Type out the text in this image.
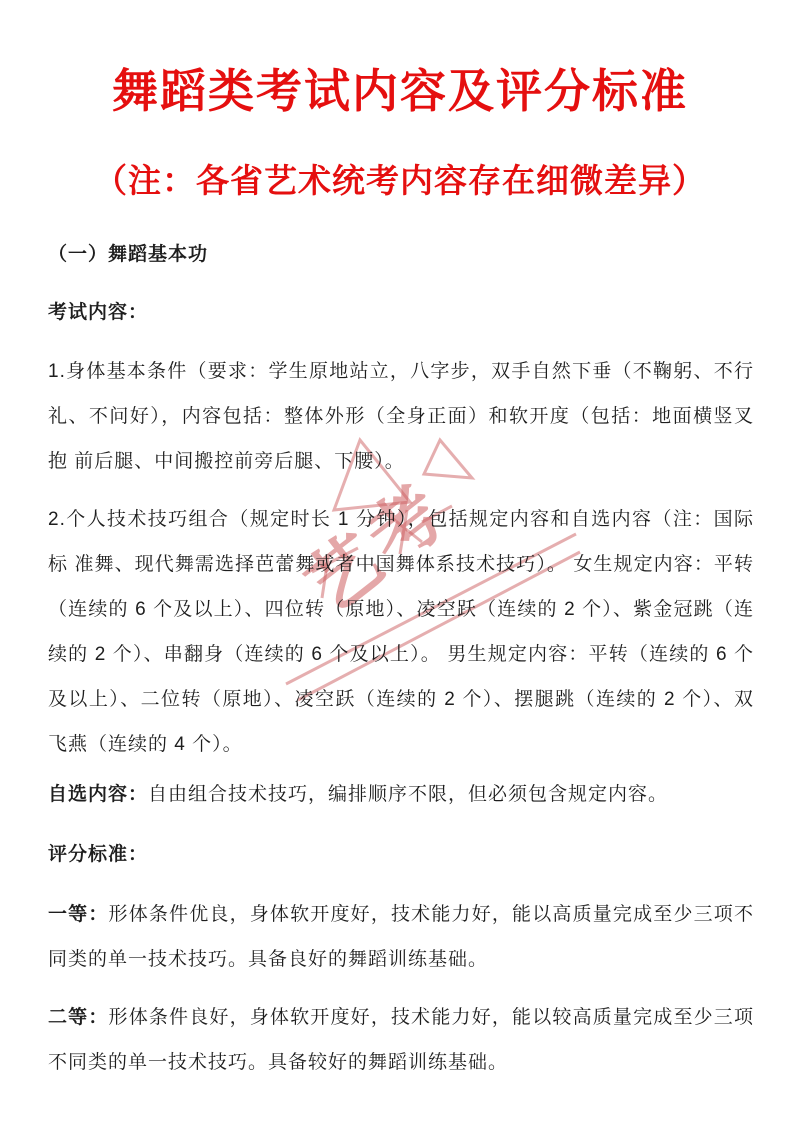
艺考
舞蹈类考试内容及评分标准
（注：各省艺术统考内容存在细微差异）
（一）舞蹈基本功
考试内容：
1.身体基本条件（要求：学生原地站立，八字步，双手自然下垂（不鞠躬、不行礼、不问好），内容包括：整体外形（全身正面）和软开度（包括：地面横竖叉抱 前后腿、中间搬控前旁后腿、下腰）。
2.个人技术技巧组合（规定时长 1 分钟），包括规定内容和自选内容（注：国际标 准舞、现代舞需选择芭蕾舞或者中国舞体系技术技巧）。 女生规定内容：平转（连续的 6 个及以上）、四位转（原地）、凌空跃（连续的 2 个）、紫金冠跳（连续的 2 个）、串翻身（连续的 6 个及以上）。 男生规定内容：平转（连续的 6 个及以上）、二位转（原地）、凌空跃（连续的 2 个）、摆腿跳（连续的 2 个）、双飞燕（连续的 4 个）。
自选内容：自由组合技术技巧，编排顺序不限，但必须包含规定内容。
评分标准：
一等：形体条件优良，身体软开度好，技术能力好，能以高质量完成至少三项不同类的单一技术技巧。具备良好的舞蹈训练基础。
二等：形体条件良好，身体软开度好，技术能力好，能以较高质量完成至少三项不同类的单一技术技巧。具备较好的舞蹈训练基础。
